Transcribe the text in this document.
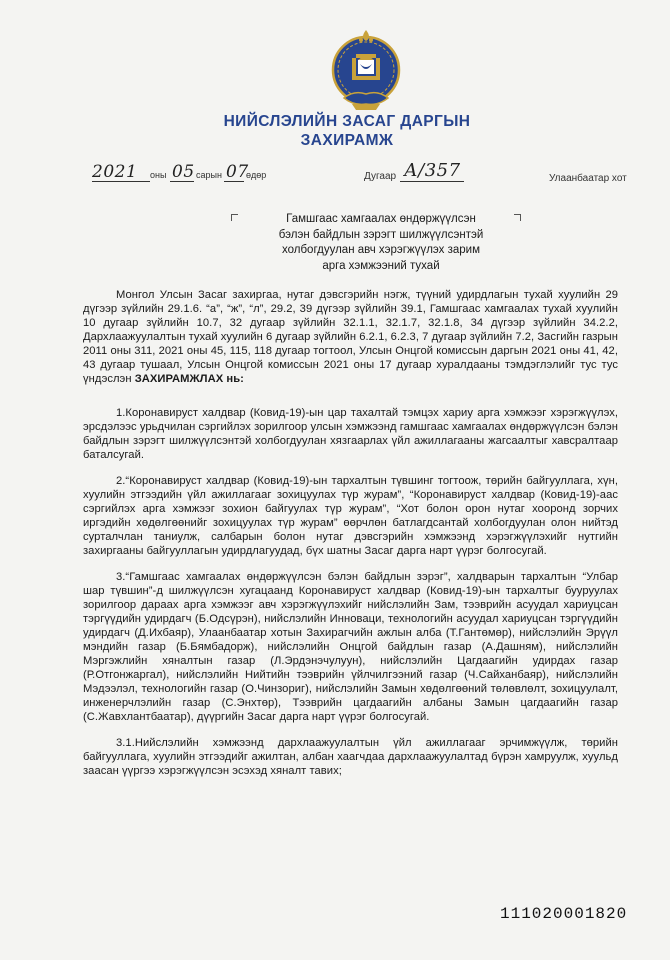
НИЙСЛЭЛИЙН ЗАСАГ ДАРГЫН
ЗАХИРАМЖ
2021 оны 05 сарын 07
өдөр	Дугаар А/357	Улаанбаатар хот
Гамшгаас хамгаалах өндөржүүлсэн
бэлэн байдлын зэрэгт шилжүүлсэнтэй
холбогдуулан авч хэрэгжүүлэх зарим
арга хэмжээний тухай

Монгол Улсын Засаг захиргаа, нутаг дэвсгэрийн нэгж, түүний удирдлагын тухай хуулийн 29 дүгээр зүйлийн 29.1.6. “а”, “ж”, “л”, 29.2, 39 дүгээр зүйлийн 39.1, Гамшгаас хамгаалах тухай хуулийн 10 дугаар зүйлийн 10.7, 32 дугаар зүйлийн 32.1.1, 32.1.7, 32.1.8, 34 дүгээр зүйлийн 34.2.2, Дархлаажуулалтын тухай хуулийн 6 дугаар зүйлийн 6.2.1, 6.2.3, 7 дугаар зүйлийн 7.2, Засгийн газрын 2011 оны 311, 2021 оны 45, 115, 118 дугаар тогтоол, Улсын Онцгой комиссын даргын 2021 оны 41, 42, 43 дугаар тушаал, Улсын Онцгой комиссын 2021 оны 17 дугаар хуралдааны тэмдэглэлийг тус тус үндэслэн ЗАХИРАМЖЛАХ нь:

1.Коронавируст халдвар (Ковид-19)-ын цар тахалтай тэмцэх хариу арга хэмжээг хэрэгжүүлэх, эрсдэлээс урьдчилан сэргийлэх зорилгоор улсын хэмжээнд гамшгаас хамгаалах өндөржүүлсэн бэлэн байдлын зэрэгт шилжүүлсэнтэй холбогдуулан хязгаарлах үйл ажиллагааны жагсаалтыг хавсралтаар баталсугай.

2.“Коронавируст халдвар (Ковид-19)-ын тархалтын түвшинг тогтоож, төрийн байгууллага, хүн, хуулийн этгээдийн үйл ажиллагааг зохицуулах түр журам”, “Коронавируст халдвар (Ковид-19)-аас сэргийлэх арга хэмжээг зохион байгуулах түр журам”, “Хот болон орон нутаг хооронд зорчих иргэдийн хөдөлгөөнийг зохицуулах түр журам” өөрчлөн батлагдсантай холбогдуулан олон нийтэд сурталчлан таниулж, салбарын болон нутаг дэвсгэрийн хэмжээнд хэрэгжүүлэхийг нутгийн захиргааны байгууллагын удирдлагуудад, бүх шатны Засаг дарга нарт үүрэг болгосугай.

3.“Гамшгаас хамгаалах өндөржүүлсэн бэлэн байдлын зэрэг”, халдварын тархалтын “Улбар шар түвшин”-д шилжүүлсэн хугацаанд Коронавируст халдвар (Ковид-19)-ын тархалтыг бууруулах зорилгоор дараах арга хэмжээг авч хэрэгжүүлэхийг нийслэлийн Зам, тээврийн асуудал хариуцсан тэргүүдийн удирдагч (Б.Одсүрэн), нийслэлийн Инноваци, технологийн асуудал хариуцсан тэргүүдийн удирдагч (Д.Ихбаяр), Улаанбаатар хотын Захирагчийн ажлын алба (Т.Гантөмөр), нийслэлийн Эрүүл мэндийн газар (Б.Бямбадорж), нийслэлийн Онцгой байдлын газар (А.Дашням), нийслэлийн Мэргэжлийн хяналтын газар (Л.Эрдэнэчулуун), нийслэлийн Цагдаагийн удирдах газар (Р.Отгонжаргал), нийслэлийн Нийтийн тээврийн үйлчилгээний газар (Ч.Сайханбаяр), нийслэлийн Мэдээлэл, технологийн газар (О.Чинзориг), нийслэлийн Замын хөдөлгөөний төлөвлөлт, зохицуулалт, инженерчлэлийн газар (С.Энхтөр), Тээврийн цагдаагийн албаны Замын цагдаагийн газар (С.Жавхлантбаатар), дүүргийн Засаг дарга нарт үүрэг болгосугай.

3.1.Нийслэлийн хэмжээнд дархлаажуулалтын үйл ажиллагааг эрчимжүүлж, төрийн байгууллага, хуулийн этгээдийг ажилтан, албан хаагчдаа дархлаажуулалтад бүрэн хамруулж, хуульд заасан үүргээ хэрэгжүүлсэн эсэхэд хяналт тавих;

111020001820
